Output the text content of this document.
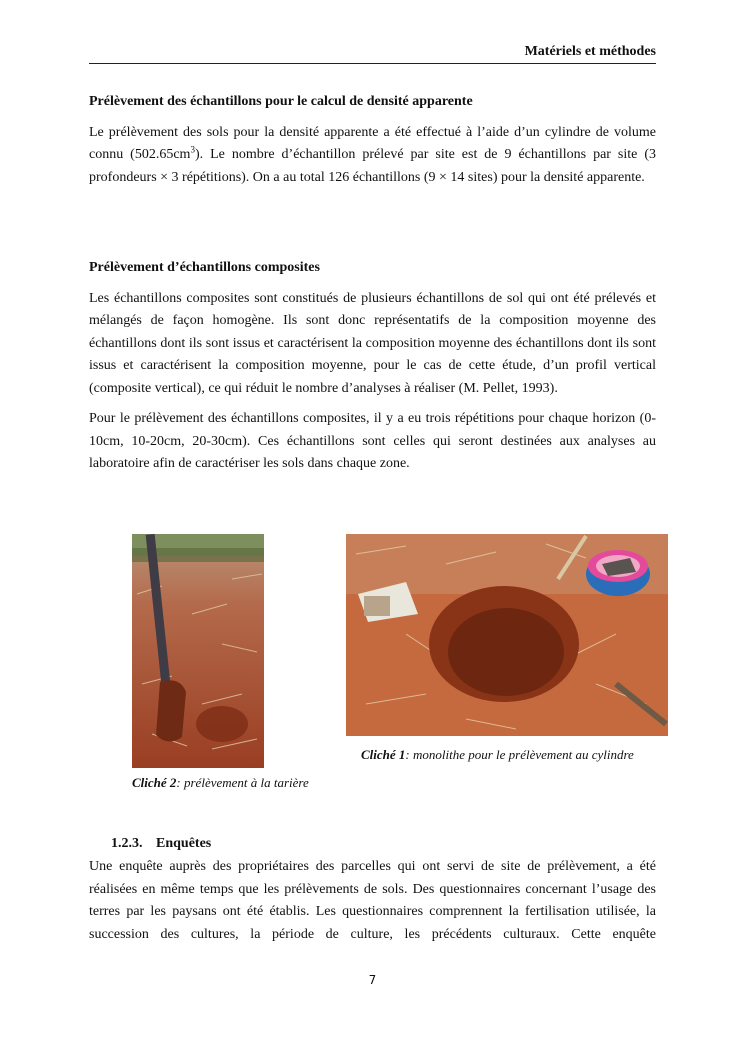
Matériels et méthodes
Prélèvement des échantillons pour le calcul de densité apparente

Le prélèvement des sols pour la densité apparente a été effectué à l’aide d’un cylindre de volume connu $(502.65cm^3)$. Le nombre d’échantillon prélevé par site est de 9 échantillons par site (3 profondeurs × 3 répétitions). On a au total 126 échantillons (9 × 14 sites) pour la densité apparente.

Prélèvement d’échantillons composites

Les échantillons composites sont constitués de plusieurs échantillons de sol qui ont été prélevés et mélangés de façon homogène. Ils sont donc représentatifs de la composition moyenne des échantillons dont ils sont issus et caractérisent la composition moyenne des échantillons dont ils sont issus et caractérisent la composition moyenne, pour le cas de cette étude, d’un profil vertical (composite vertical), ce qui réduit le nombre d’analyses à réaliser (M. Pellet, 1993).

Pour le prélèvement des échantillons composites, il y a eu trois répétitions pour chaque horizon (0-10cm, 10-20cm, 20-30cm). Ces échantillons sont celles qui seront destinées aux analyses au laboratoire afin de caractériser les sols dans chaque zone.

Cliché 1: monolithe pour le prélèvement au cylindre
Cliché 2: prélèvement à la tarière
1.2.3. Enquêtes

Une enquête auprès des propriétaires des parcelles qui ont servi de site de prélèvement, a été réalisées en même temps que les prélèvements de sols. Des questionnaires concernant l’usage des terres par les paysans ont été établis. Les questionnaires comprennent la fertilisation utilisée, la succession des cultures, la période de culture, les précédents culturaux. Cette enquête

7
